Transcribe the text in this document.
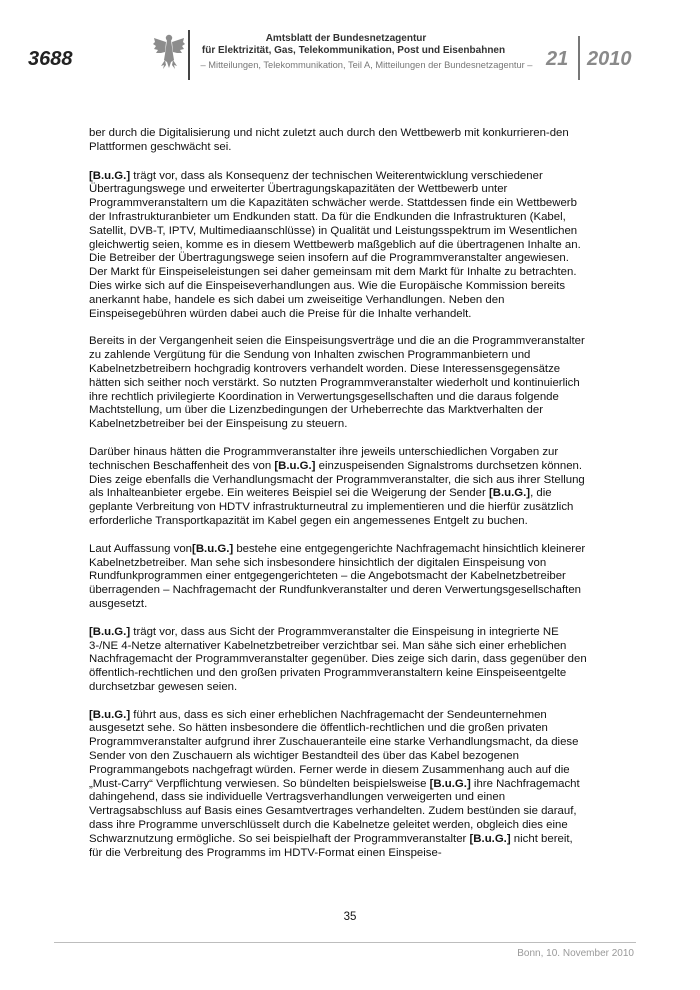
3688
Amtsblatt der Bundesnetzagentur
für Elektrizität, Gas, Telekommunikation, Post und Eisenbahnen
– Mitteilungen, Telekommunikation, Teil A, Mitteilungen der Bundesnetzagentur – 21 2010

ber durch die Digitalisierung und nicht zuletzt auch durch den Wettbewerb mit konkurrieren-den Plattformen geschwächt sei.

[B.u.G.] trägt vor, dass als Konsequenz der technischen Weiterentwicklung verschiedener Übertragungswege und erweiterter Übertragungskapazitäten der Wettbewerb unter Programmveranstaltern um die Kapazitäten schwächer werde. Stattdessen finde ein Wettbewerb der Infrastrukturanbieter um Endkunden statt. Da für die Endkunden die Infrastrukturen (Kabel, Satellit, DVB-T, IPTV, Multimediaanschlüsse) in Qualität und Leistungsspektrum im Wesentlichen gleichwertig seien, komme es in diesem Wettbewerb maßgeblich auf die übertragenen Inhalte an. Die Betreiber der Übertragungswege seien insofern auf die Programmveranstalter angewiesen. Der Markt für Einspeiseleistungen sei daher gemeinsam mit dem Markt für Inhalte zu betrachten. Dies wirke sich auf die Einspeiseverhandlungen aus. Wie die Europäische Kommission bereits anerkannt habe, handele es sich dabei um zweiseitige Verhandlungen. Neben den Einspeisegebühren würden dabei auch die Preise für die Inhalte verhandelt.

Bereits in der Vergangenheit seien die Einspeisungsverträge und die an die Programmveranstalter zu zahlende Vergütung für die Sendung von Inhalten zwischen Programmanbietern und Kabelnetzbetreibern hochgradig kontrovers verhandelt worden. Diese Interessensgegensätze hätten sich seither noch verstärkt. So nutzten Programmveranstalter wiederholt und kontinuierlich ihre rechtlich privilegierte Koordination in Verwertungsgesellschaften und die daraus folgende Machtstellung, um über die Lizenzbedingungen der Urheberrechte das Marktverhalten der Kabelnetzbetreiber bei der Einspeisung zu steuern.

Darüber hinaus hätten die Programmveranstalter ihre jeweils unterschiedlichen Vorgaben zur technischen Beschaffenheit des von [B.u.G.] einzuspeisenden Signalstroms durchsetzen können. Dies zeige ebenfalls die Verhandlungsmacht der Programmveranstalter, die sich aus ihrer Stellung als Inhalteanbieter ergebe. Ein weiteres Beispiel sei die Weigerung der Sender [B.u.G.], die geplante Verbreitung von HDTV infrastrukturneutral zu implementieren und die hierfür zusätzlich erforderliche Transportkapazität im Kabel gegen ein angemessenes Entgelt zu buchen.

Laut Auffassung von[B.u.G.] bestehe eine entgegengerichte Nachfragemacht hinsichtlich kleinerer Kabelnetzbetreiber. Man sehe sich insbesondere hinsichtlich der digitalen Einspeisung von Rundfunkprogrammen einer entgegengerichteten – die Angebotsmacht der Kabelnetzbetreiber überragenden – Nachfragemacht der Rundfunkveranstalter und deren Verwertungsgesellschaften ausgesetzt.

[B.u.G.] trägt vor, dass aus Sicht der Programmveranstalter die Einspeisung in integrierte NE 3-/NE 4-Netze alternativer Kabelnetzbetreiber verzichtbar sei. Man sähe sich einer erheblichen Nachfragemacht der Programmveranstalter gegenüber. Dies zeige sich darin, dass gegenüber den öffentlich-rechtlichen und den großen privaten Programmveranstaltern keine Einspeiseentgelte durchsetzbar gewesen seien.

[B.u.G.] führt aus, dass es sich einer erheblichen Nachfragemacht der Sendeunternehmen ausgesetzt sehe. So hätten insbesondere die öffentlich-rechtlichen und die großen privaten Programmveranstalter aufgrund ihrer Zuschaueranteile eine starke Verhandlungsmacht, da diese Sender von den Zuschauern als wichtiger Bestandteil des über das Kabel bezogenen Programmangebots nachgefragt würden. Ferner werde in diesem Zusammenhang auch auf die „Must-Carry“ Verpflichtung verwiesen. So bündelten beispielsweise [B.u.G.] ihre Nachfragemacht dahingehend, dass sie individuelle Vertragsverhandlungen verweigerten und einen Vertragsabschluss auf Basis eines Gesamtvertrages verhandelten. Zudem bestünden sie darauf, dass ihre Programme unverschlüsselt durch die Kabelnetze geleitet werden, obgleich dies eine Schwarznutzung ermögliche. So sei beispielhaft der Programmveranstalter [B.u.G.] nicht bereit, für die Verbreitung des Programms im HDTV-Format einen Einspeise-

35
Bonn, 10. November 2010
